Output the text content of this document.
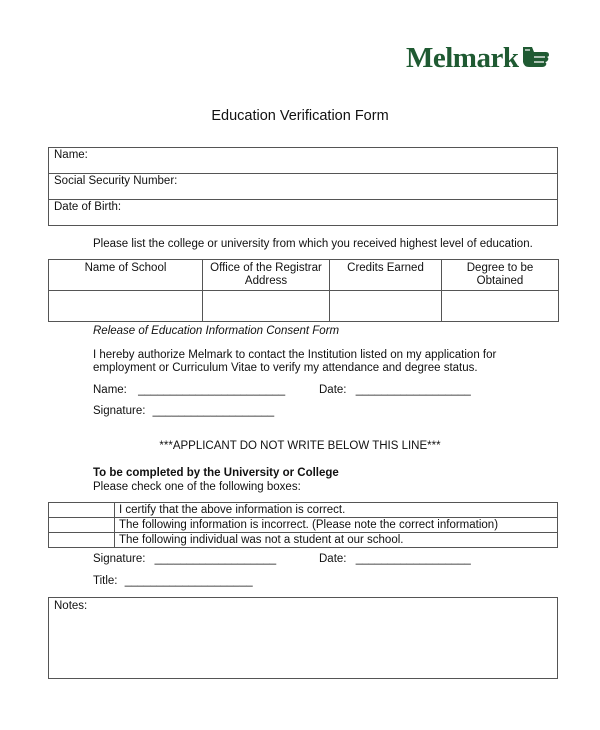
Melmark
Education Verification Form
Name:
Social Security Number:
Date of Birth:
Please list the college or university from which you received highest level of education.
Name of School	Office of the Registrar Address	Credits Earned	Degree to be Obtained

Release of Education Information Consent Form
I hereby authorize Melmark to contact the Institution listed on my application for
employment or Curriculum Vitae to verify my attendance and degree status.
Name: _______________________	Date: __________________
Signature: ___________________
***APPLICANT DO NOT WRITE BELOW THIS LINE***
To be completed by the University or College
Please check one of the following boxes:
	I certify that the above information is correct.

	The following information is incorrect. (Please note the correct information)

	The following individual was not a student at our school.
Signature: ___________________	Date: __________________
Title: ____________________
Notes:
